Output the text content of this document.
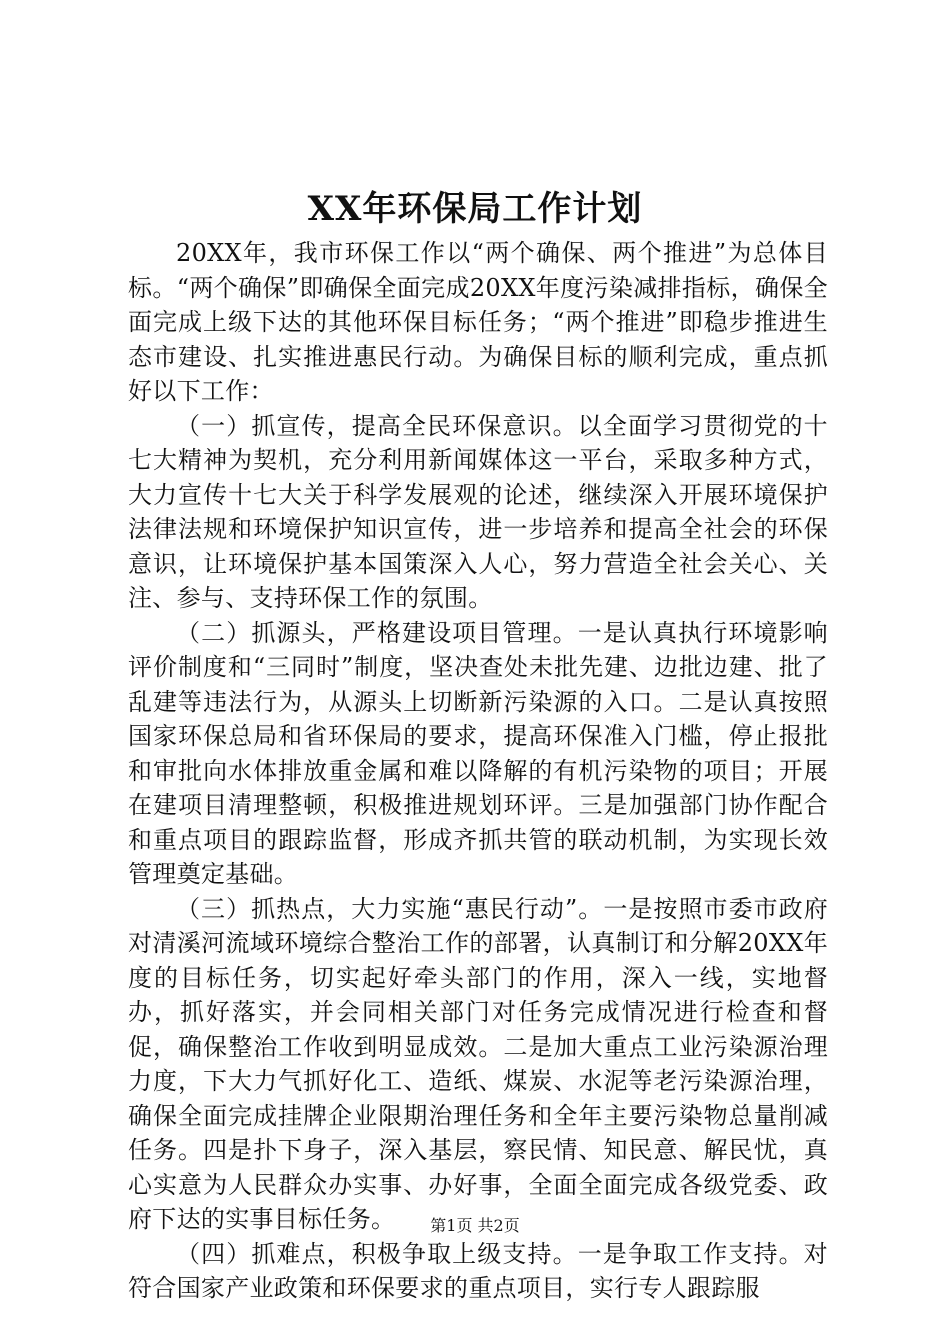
XX年环保局工作计划

20XX年，我市环保工作以“两个确保、两个推进”为总体目标。“两个确保”即确保全面完成20XX年度污染减排指标，确保全面完成上级下达的其他环保目标任务；“两个推进”即稳步推进生态市建设、扎实推进惠民行动。为确保目标的顺利完成，重点抓好以下工作：

（一）抓宣传，提高全民环保意识。以全面学习贯彻党的十七大精神为契机，充分利用新闻媒体这一平台，采取多种方式，大力宣传十七大关于科学发展观的论述，继续深入开展环境保护法律法规和环境保护知识宣传，进一步培养和提高全社会的环保意识，让环境保护基本国策深入人心，努力营造全社会关心、关注、参与、支持环保工作的氛围。

（二）抓源头，严格建设项目管理。一是认真执行环境影响评价制度和“三同时”制度，坚决查处未批先建、边批边建、批了乱建等违法行为，从源头上切断新污染源的入口。二是认真按照国家环保总局和省环保局的要求，提高环保准入门槛，停止报批和审批向水体排放重金属和难以降解的有机污染物的项目；开展在建项目清理整顿，积极推进规划环评。三是加强部门协作配合和重点项目的跟踪监督，形成齐抓共管的联动机制，为实现长效管理奠定基础。

（三）抓热点，大力实施“惠民行动”。一是按照市委市政府对清溪河流域环境综合整治工作的部署，认真制订和分解20XX年度的目标任务，切实起好牵头部门的作用，深入一线，实地督办，抓好落实，并会同相关部门对任务完成情况进行检查和督促，确保整治工作收到明显成效。二是加大重点工业污染源治理力度，下大力气抓好化工、造纸、煤炭、水泥等老污染源治理，确保全面完成挂牌企业限期治理任务和全年主要污染物总量削减任务。四是扑下身子，深入基层，察民情、知民意、解民忧，真心实意为人民群众办实事、办好事，全面全面完成各级党委、政府下达的实事目标任务。

（四）抓难点，积极争取上级支持。一是争取工作支持。对符合国家产业政策和环保要求的重点项目，实行专人跟踪服

第1页 共2页
